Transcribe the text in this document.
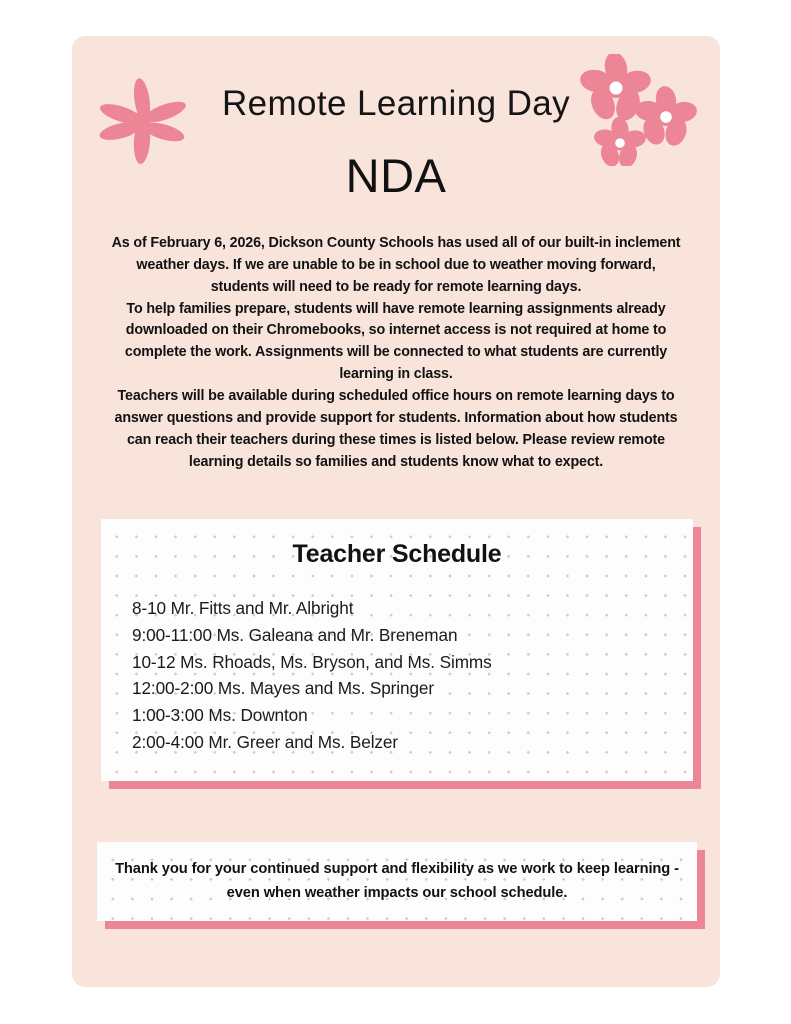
Remote Learning Day
NDA

As of February 6, 2026, Dickson County Schools has used all of our built-in inclement weather days. If we are unable to be in school due to weather moving forward, students will need to be ready for remote learning days.

To help families prepare, students will have remote learning assignments already downloaded on their Chromebooks, so internet access is not required at home to complete the work. Assignments will be connected to what students are currently learning in class.

Teachers will be available during scheduled office hours on remote learning days to answer questions and provide support for students. Information about how students can reach their teachers during these times is listed below. Please review remote learning details so families and students know what to expect.

Teacher Schedule
8-10 Mr. Fitts and Mr. Albright
9:00-11:00 Ms. Galeana and Mr. Breneman
10-12 Ms. Rhoads, Ms. Bryson, and Ms. Simms
12:00-2:00 Ms. Mayes and Ms. Springer
1:00-3:00 Ms. Downton
2:00-4:00 Mr. Greer and Ms. Belzer

Thank you for your continued support and flexibility as we work to keep learning - even when weather impacts our school schedule.
